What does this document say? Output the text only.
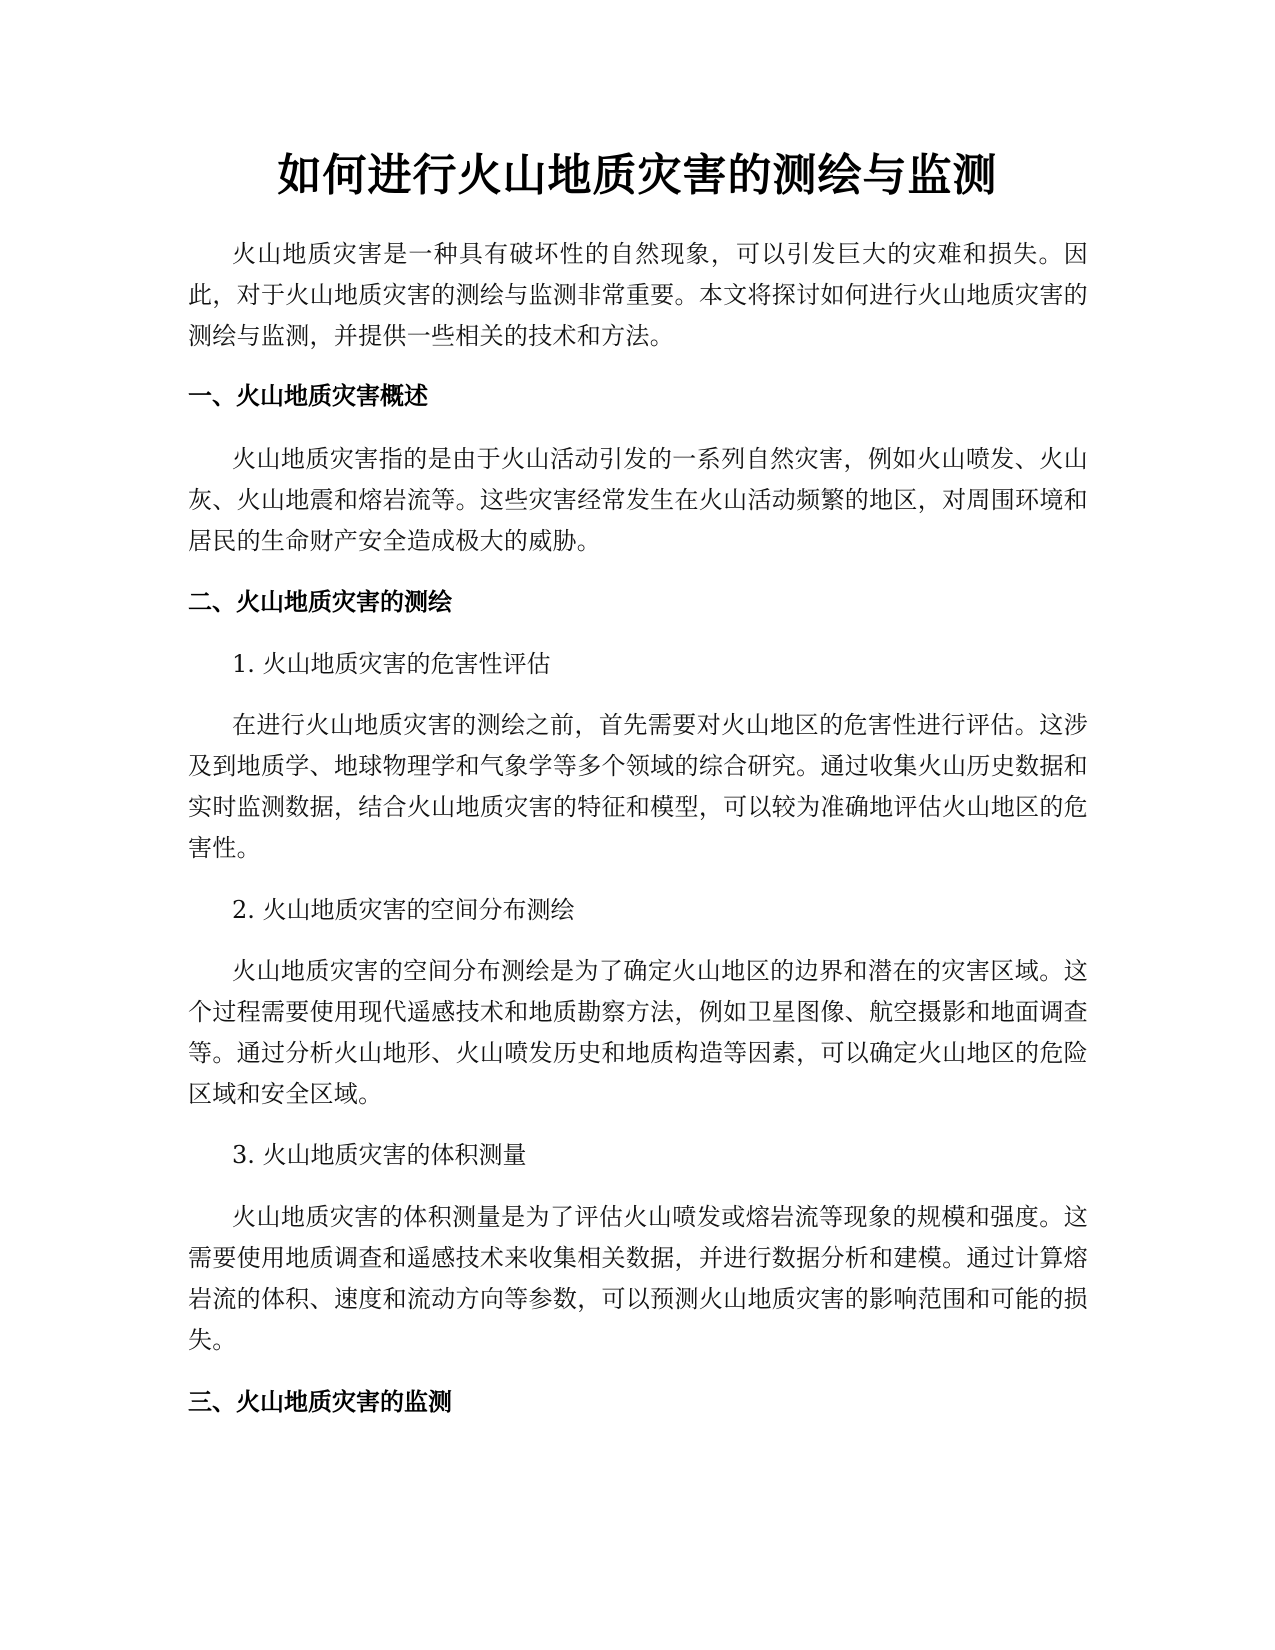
如何进行火山地质灾害的测绘与监测

火山地质灾害是一种具有破坏性的自然现象，可以引发巨大的灾难和损失。因此，对于火山地质灾害的测绘与监测非常重要。本文将探讨如何进行火山地质灾害的测绘与监测，并提供一些相关的技术和方法。

一、火山地质灾害概述

火山地质灾害指的是由于火山活动引发的一系列自然灾害，例如火山喷发、火山灰、火山地震和熔岩流等。这些灾害经常发生在火山活动频繁的地区，对周围环境和居民的生命财产安全造成极大的威胁。

二、火山地质灾害的测绘

1. 火山地质灾害的危害性评估

在进行火山地质灾害的测绘之前，首先需要对火山地区的危害性进行评估。这涉及到地质学、地球物理学和气象学等多个领域的综合研究。通过收集火山历史数据和实时监测数据，结合火山地质灾害的特征和模型，可以较为准确地评估火山地区的危害性。

2. 火山地质灾害的空间分布测绘

火山地质灾害的空间分布测绘是为了确定火山地区的边界和潜在的灾害区域。这个过程需要使用现代遥感技术和地质勘察方法，例如卫星图像、航空摄影和地面调查等。通过分析火山地形、火山喷发历史和地质构造等因素，可以确定火山地区的危险区域和安全区域。

3. 火山地质灾害的体积测量

火山地质灾害的体积测量是为了评估火山喷发或熔岩流等现象的规模和强度。这需要使用地质调查和遥感技术来收集相关数据，并进行数据分析和建模。通过计算熔岩流的体积、速度和流动方向等参数，可以预测火山地质灾害的影响范围和可能的损失。

三、火山地质灾害的监测
